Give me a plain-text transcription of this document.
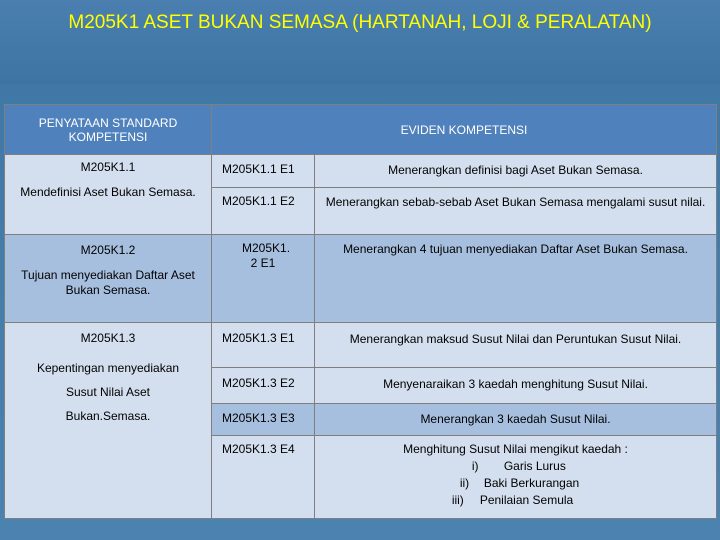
M205K1 ASET BUKAN SEMASA (HARTANAH, LOJI & PERALATAN)
PENYATAAN STANDARD KOMPETENSI	EVIDEN KOMPETENSI	

M205K1.1
Mendefinisi Aset Bukan Semasa.	M205K1.1 E1	Menerangkan definisi bagi Aset Bukan Semasa.
	M205K1.1 E2	Menerangkan sebab-sebab Aset Bukan Semasa mengalami susut nilai.

M205K1.2
Tujuan menyediakan Daftar Aset Bukan Semasa.	M205K1. 2 E1	Menerangkan 4 tujuan menyediakan Daftar Aset Bukan Semasa.

M205K1.3
Kepentingan menyediakan Susut Nilai Aset Bukan.Semasa.	M205K1.3 E1	Menerangkan maksud Susut Nilai dan Peruntukan Susut Nilai.
	M205K1.3 E2	Menyenaraikan 3 kaedah menghitung Susut Nilai.
	M205K1.3 E3	Menerangkan 3 kaedah Susut Nilai.
	M205K1.3 E4	Menghitung Susut Nilai mengikut kaedah :
i) Garis Lurus
ii) Baki Berkurangan
iii) Penilaian Semula
